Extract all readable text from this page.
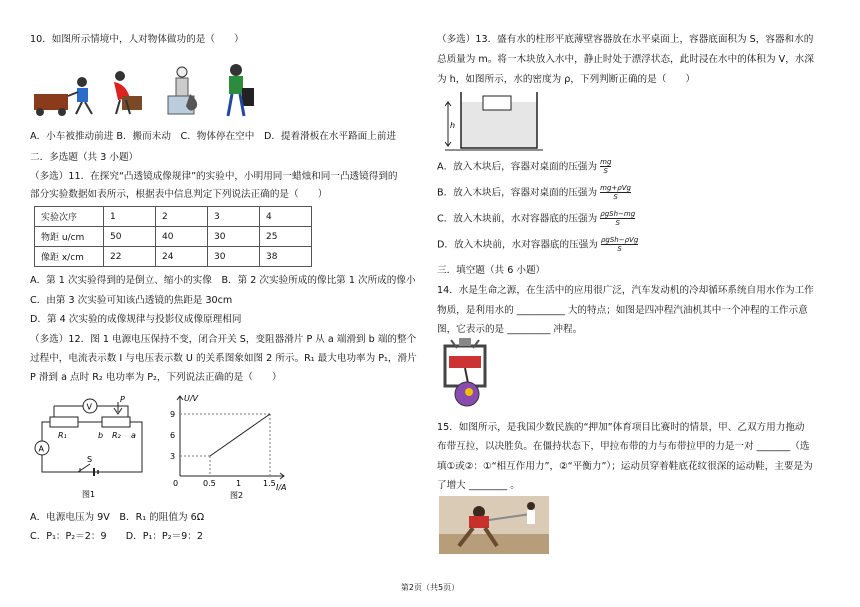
10．如图所示情境中，人对物体做功的是（　　）
A．小车被推动前进 B．搬而未动　C．物体停在空中　D．提着滑板在水平路面上前进
二．多选题（共 3 小题）
（多选）11．在探究“凸透镜成像规律”的实验中，小明用同一蜡烛和同一凸透镜得到的
部分实验数据如表所示，根据表中信息判定下列说法正确的是（　　）
实验次序	1	2	3	4
物距 u/cm	50	40	30	25
像距 x/cm	22	24	30	38
A．第 1 次实验得到的是倒立、缩小的实像　B．第 2 次实验所成的像比第 1 次所成的像小
C．由第 3 次实验可知该凸透镜的焦距是 30cm
D．第 4 次实验的成像规律与投影仪成像原理相同
（多选）12．图 1 电源电压保持不变，闭合开关 S，变阻器滑片 P 从 a 端滑到 b 端的整个
过程中，电流表示数 I 与电压表示数 U 的关系图象如图 2 所示。R₁ 最大电功率为 P₁，滑片
P 滑到 a 点时 R₂ 电功率为 P₂，下列说法正确的是（　　）
V
A
R₁	R₂
P
b	a
S
图1
U/V
I/A
0
3
6
9
0.5	1	1.5
图2
A．电源电压为 9V　B．R₁ 的阻值为 6Ω
C．P₁：P₂＝2：9　　D．P₁：P₂＝9：2
（多选）13．盛有水的柱形平底薄壁容器放在水平桌面上，容器底面积为 S，容器和水的
总质量为 m。将一木块放入水中，静止时处于漂浮状态，此时浸在水中的体积为 V，水深
为 h，如图所示，水的密度为 ρ，下列判断正确的是（　　）
h
A．放入木块后，容器对桌面的压强为 $\frac{mg}{S}$
B．放入木块后，容器对桌面的压强为 mg+ρVg
S
C．放入木块前，水对容器底的压强为 ρgSh−mg
S
D．放入木块前，水对容器底的压强为 ρgSh−ρVg
S
三．填空题（共 6 小题）
14．水是生命之源，在生活中的应用很广泛，汽车发动机的冷却循环系统自用水作为工作
物质，是利用水的 __________ 大的特点；如图是四冲程汽油机其中一个冲程的工作示意
图，它表示的是 _________ 冲程。
15．如图所示，是我国少数民族的“押加”体育项目比赛时的情景，甲、乙双方用力拖动
布带互拉，以决胜负。在僵持状态下，甲拉布带的力与布带拉甲的力是一对 _______（选
填①或②：①“相互作用力”，②“平衡力”）；运动员穿着鞋底花纹很深的运动鞋，主要是为
了增大 ________ 。
第2页（共5页）
